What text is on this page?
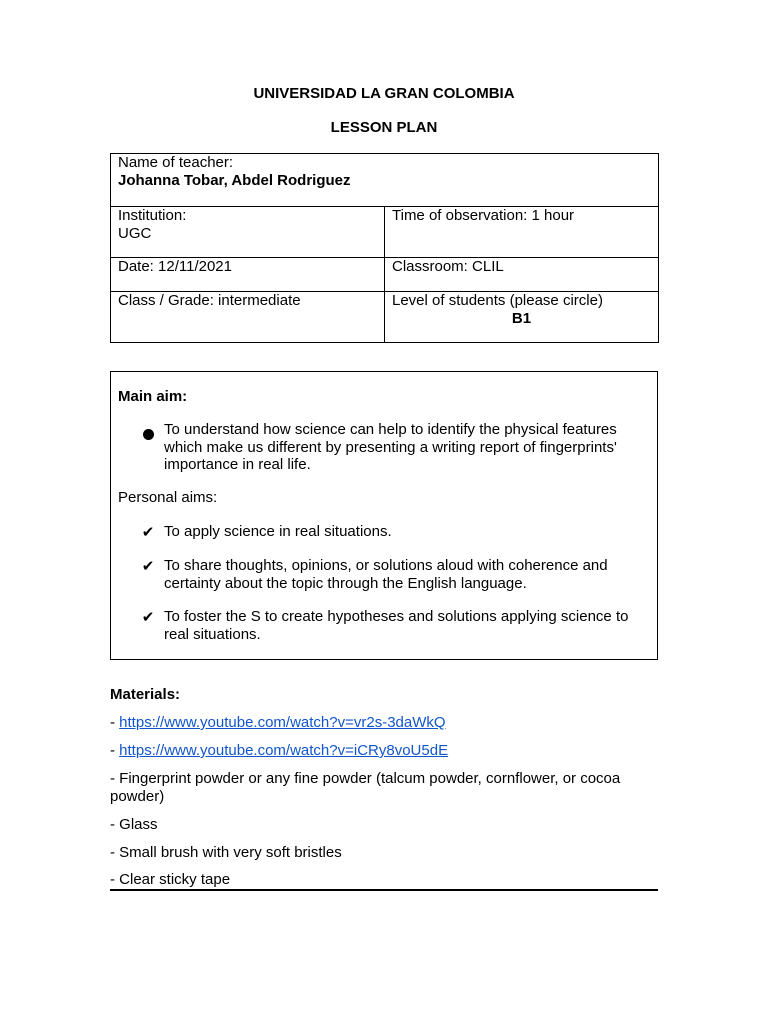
UNIVERSIDAD LA GRAN COLOMBIA
LESSON PLAN
Name of teacher:
Johanna Tobar, Abdel Rodriguez	

Institution:
UGC	Time of observation: 1 hour

Date: 12/11/2021	Classroom: CLIL

Class / Grade: intermediate	Level of students (please circle)
B1
Main aim:
To understand how science can help to identify the physical features which make us different by presenting a writing report of fingerprints' importance in real life.
Personal aims:
✔ To apply science in real situations.
✔ To share thoughts, opinions, or solutions aloud with coherence and certainty about the topic through the English language.
✔ To foster the S to create hypotheses and solutions applying science to real situations.
Materials:
- https://www.youtube.com/watch?v=vr2s-3daWkQ
- https://www.youtube.com/watch?v=iCRy8voU5dE
- Fingerprint powder or any fine powder (talcum powder, cornflower, or cocoa powder)
- Glass
- Small brush with very soft bristles
- Clear sticky tape
